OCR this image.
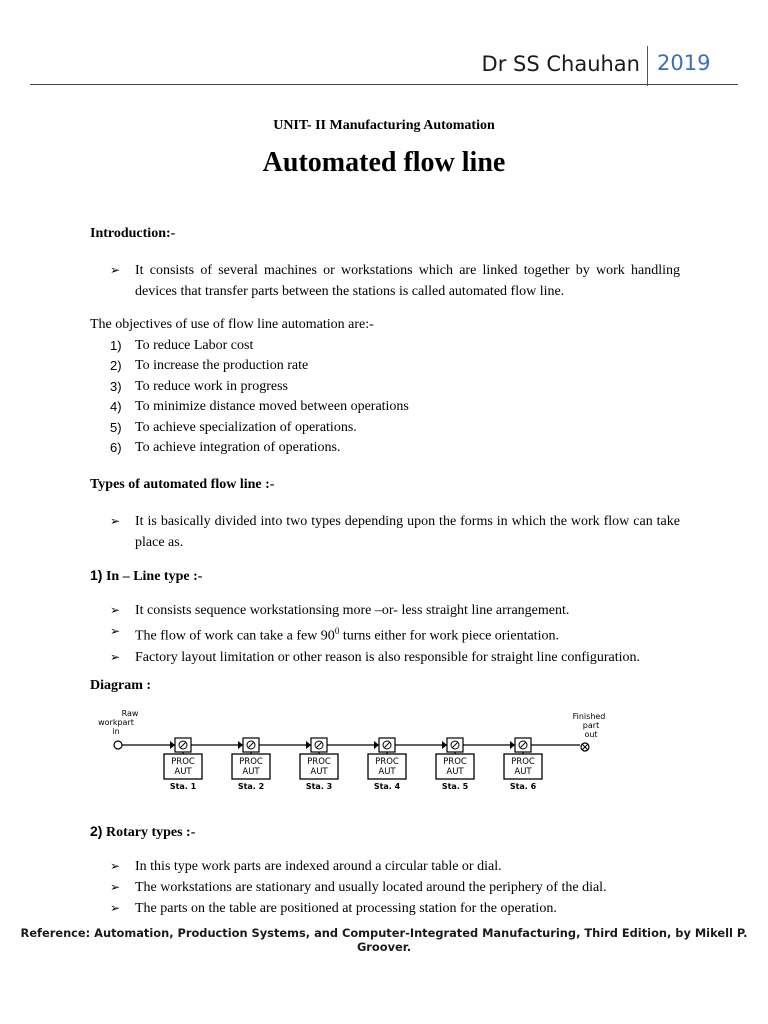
Dr SS Chauhan 2019
UNIT- II Manufacturing Automation
Automated flow line
Introduction:-
➢ It consists of several machines or workstations which are linked together by work handling devices that transfer parts between the stations is called automated flow line.
The objectives of use of flow line automation are:-
1) To reduce Labor cost
2) To increase the production rate
3) To reduce work in progress
4) To minimize distance moved between operations
5) To achieve specialization of operations.
6) To achieve integration of operations.
Types of automated flow line :-
➢ It is basically divided into two types depending upon the forms in which the work flow can take place as.
1) In – Line type :-
➢ It consists sequence workstationsing more –or- less straight line arrangement.
➢ The flow of work can take a few $90^0$ turns either for work piece orientation.
➢ Factory layout limitation or other reason is also responsible for straight line configuration.
Diagram :
Raw
workpart
in
PROC
AUT
Sta. 1
PROC
AUT
Sta. 2
PROC
AUT
Sta. 3
PROC
AUT
Sta. 4
PROC
AUT
Sta. 5
PROC
AUT
Sta. 6
Finished
part
out
2) Rotary types :-
➢ In this type work parts are indexed around a circular table or dial.
➢ The workstations are stationary and usually located around the periphery of the dial.
➢ The parts on the table are positioned at processing station for the operation.
Reference: Automation, Production Systems, and Computer-Integrated Manufacturing, Third Edition, by Mikell P. Groover.
